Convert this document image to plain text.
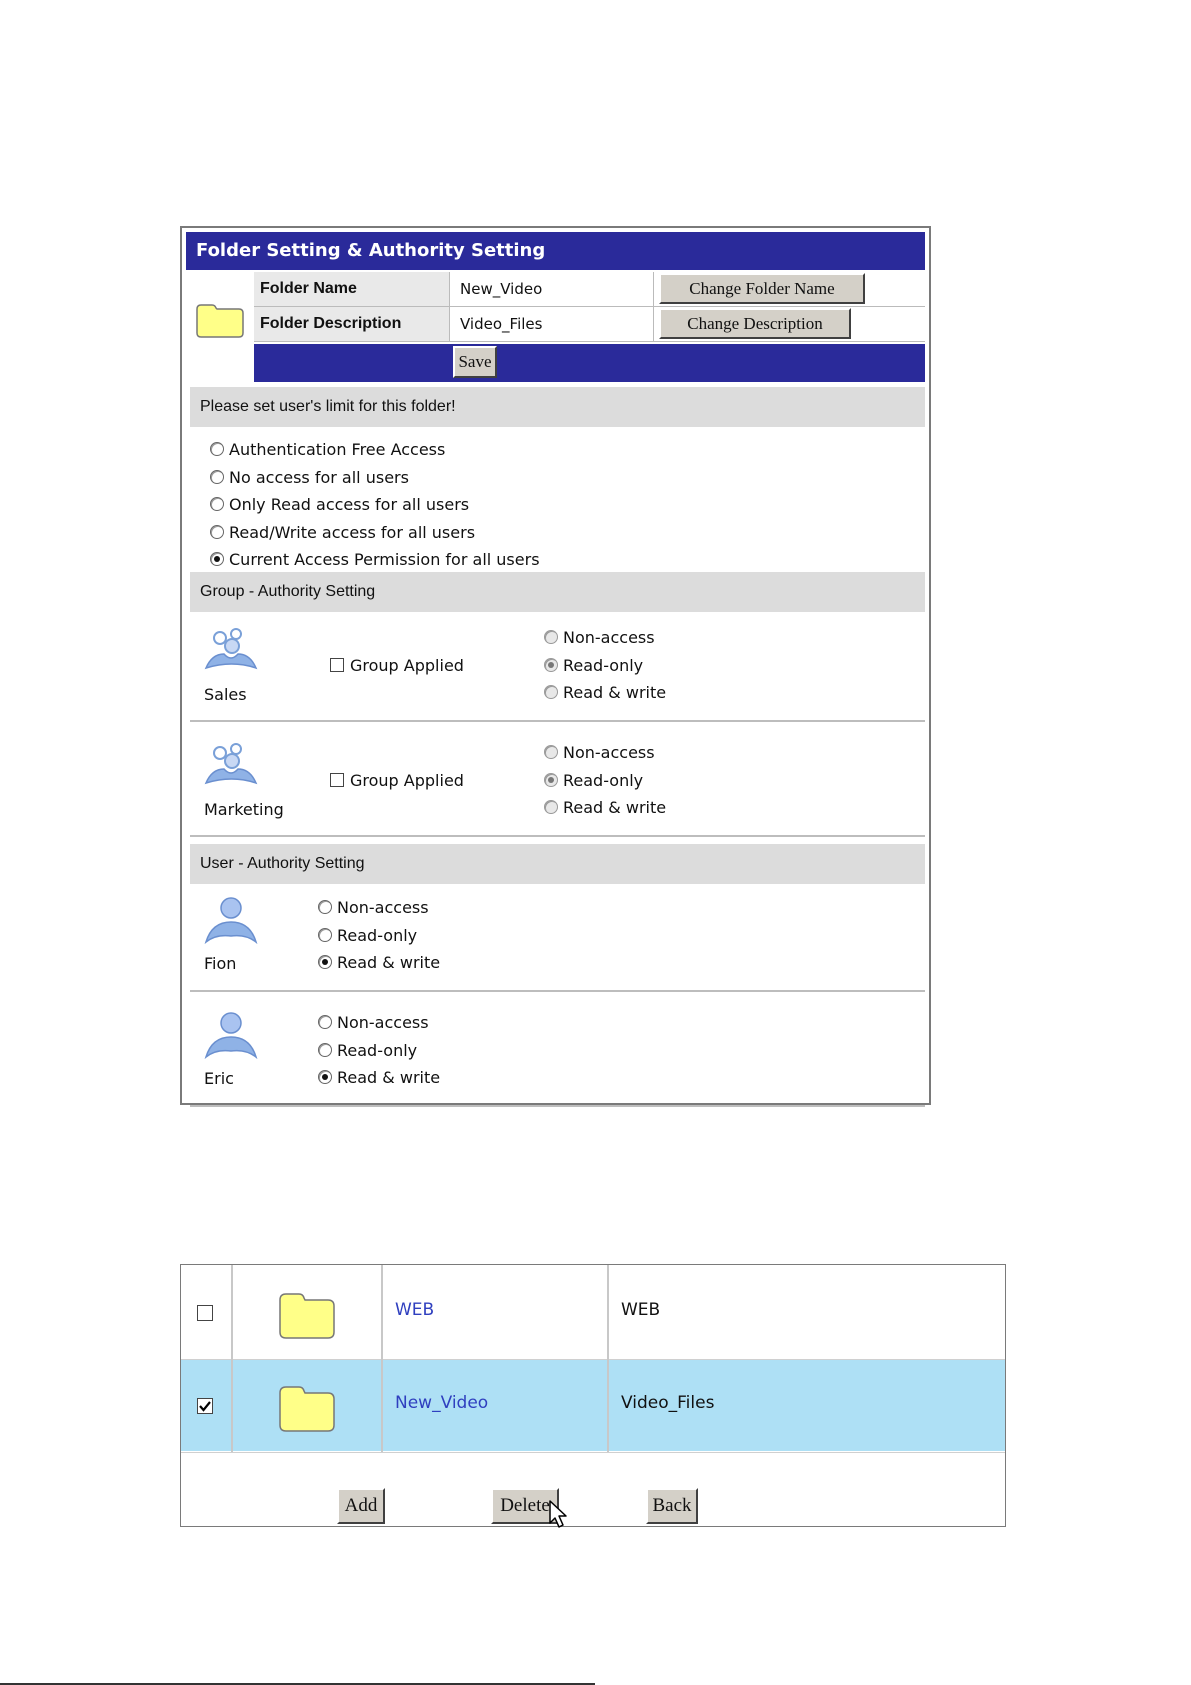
Folder Setting & Authority Setting
Folder Name	New_Video	Change Folder Name
Folder Description	Video_Files	Change Description
Save
Please set user's limit for this folder!
Authentication Free Access
No access for all users
Only Read access for all users
Read/Write access for all users
Current Access Permission for all users
Group - Authority Setting
Sales
Group Applied
Non-access
Read-only
Read & write
Marketing
Group Applied
Non-access
Read-only
Read & write
User - Authority Setting
Fion
Non-access
Read-only
Read & write
Eric
Non-access
Read-only
Read & write
WEB	WEB
New_Video	Video_Files
Add	Delete	Back
